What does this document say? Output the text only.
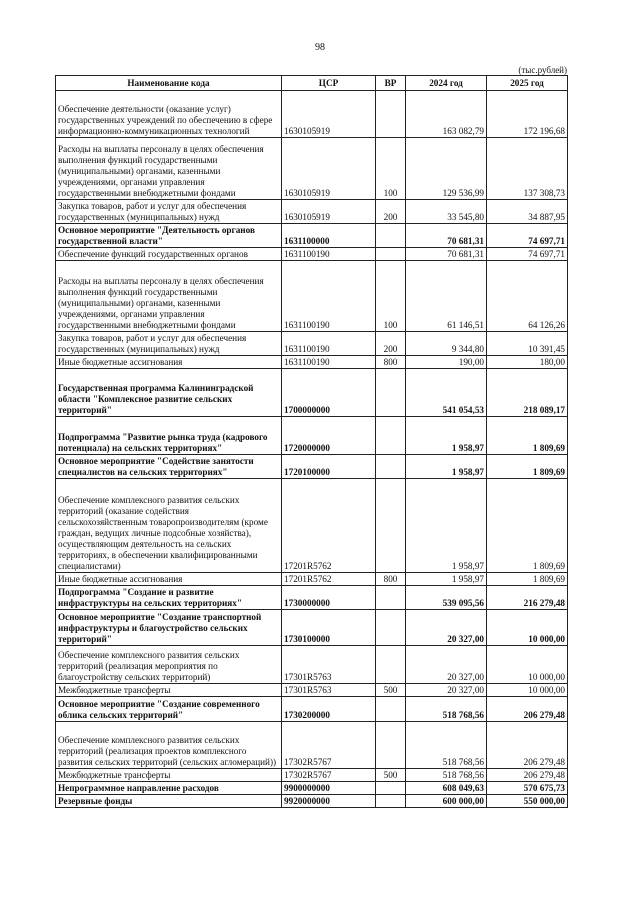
98
(тыс.рублей)
Наименование кода	ЦСР	ВР	2024 год	2025 год
Обеспечение деятельности (оказание услуг) государственных учреждений по обеспечению в сфере информационно-коммуникационных технологий	1630105919		163 082,79	172 196,68
Расходы на выплаты персоналу в целях обеспечения выполнения функций государственными (муниципальными) органами, казенными учреждениями, органами управления государственными внебюджетными фондами	1630105919	100	129 536,99	137 308,73
Закупка товаров, работ и услуг для обеспечения государственных (муниципальных) нужд	1630105919	200	33 545,80	34 887,95
Основное мероприятие "Деятельность органов государственной власти"	1631100000		70 681,31	74 697,71
Обеспечение функций государственных органов	1631100190		70 681,31	74 697,71
Расходы на выплаты персоналу в целях обеспечения выполнения функций государственными (муниципальными) органами, казенными учреждениями, органами управления государственными внебюджетными фондами	1631100190	100	61 146,51	64 126,26
Закупка товаров, работ и услуг для обеспечения государственных (муниципальных) нужд	1631100190	200	9 344,80	10 391,45
Иные бюджетные ассигнования	1631100190	800	190,00	180,00
Государственная программа Калининградской области "Комплексное развитие сельских территорий"	1700000000		541 054,53	218 089,17
Подпрограмма "Развитие рынка труда (кадрового потенциала) на сельских территориях"	1720000000		1 958,97	1 809,69
Основное мероприятие "Содействие занятости специалистов на сельских территориях"	1720100000		1 958,97	1 809,69
Обеспечение комплексного развития сельских территорий (оказание содействия сельскохозяйственным товаропроизводителям (кроме граждан, ведущих личные подсобные хозяйства), осуществляющим деятельность на сельских территориях, в обеспечении квалифицированными специалистами)	17201R5762		1 958,97	1 809,69
Иные бюджетные ассигнования	17201R5762	800	1 958,97	1 809,69
Подпрограмма "Создание и развитие инфраструктуры на сельских территориях"	1730000000		539 095,56	216 279,48
Основное мероприятие "Создание транспортной инфраструктуры и благоустройство сельских территорий"	1730100000		20 327,00	10 000,00
Обеспечение комплексного развития сельских территорий (реализация мероприятия по благоустройству сельских территорий)	17301R5763		20 327,00	10 000,00
Межбюджетные трансферты	17301R5763	500	20 327,00	10 000,00
Основное мероприятие "Создание современного облика сельских территорий"	1730200000		518 768,56	206 279,48
Обеспечение комплексного развития сельских территорий (реализация проектов комплексного развития сельских территорий (сельских агломераций))	17302R5767		518 768,56	206 279,48
Межбюджетные трансферты	17302R5767	500	518 768,56	206 279,48
Непрограммное направление расходов	9900000000		608 049,63	570 675,73
Резервные фонды	9920000000		600 000,00	550 000,00
